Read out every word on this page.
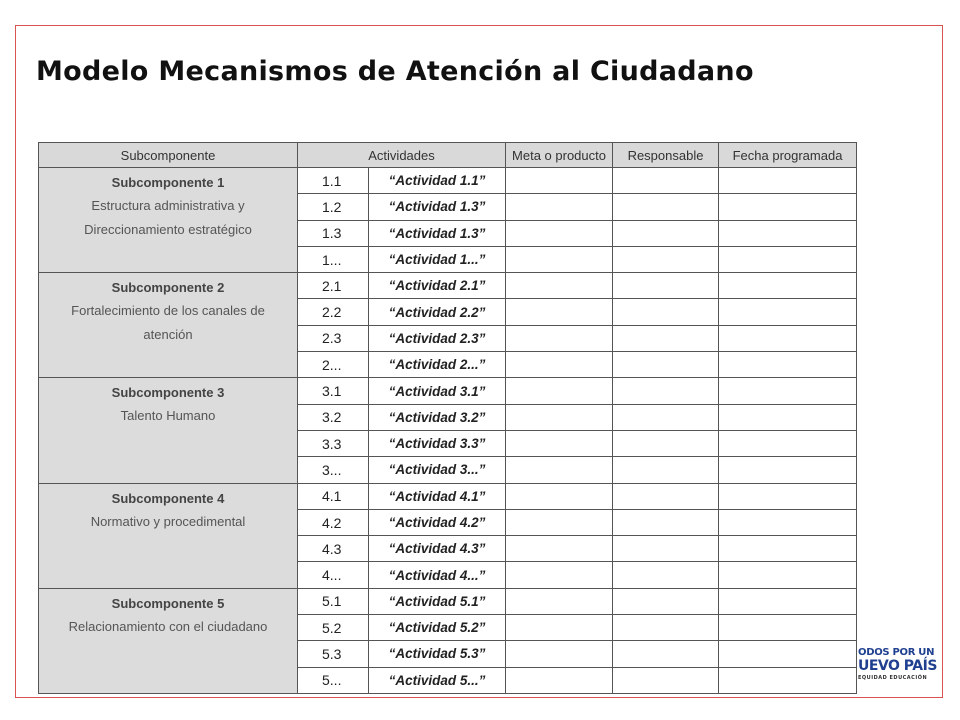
Modelo Mecanismos de Atención al Ciudadano
Subcomponente	Actividades		Meta o producto	Responsable	Fecha programada

Subcomponente 1
Estructura administrativa y
Direccionamiento estratégico	1.1	“Actividad 1.1”			
	1.2	“Actividad 1.3”			
	1.3	“Actividad 1.3”			
	1...	“Actividad 1...”			

Subcomponente 2
Fortalecimiento de los canales de
atención	2.1	“Actividad 2.1”			
	2.2	“Actividad 2.2”			
	2.3	“Actividad 2.3”			
	2...	“Actividad 2...”			

Subcomponente 3
Talento Humano	3.1	“Actividad 3.1”			
	3.2	“Actividad 3.2”			
	3.3	“Actividad 3.3”			
	3...	“Actividad 3...”			

Subcomponente 4
Normativo y procedimental	4.1	“Actividad 4.1”			
	4.2	“Actividad 4.2”			
	4.3	“Actividad 4.3”			
	4...	“Actividad 4...”			

Subcomponente 5
Relacionamiento con el ciudadano	5.1	“Actividad 5.1”			
	5.2	“Actividad 5.2”			
	5.3	“Actividad 5.3”			
	5...	“Actividad 5...”			
ODOS POR UN
UEVO PAÍS
EQUIDAD EDUCACIÓN
